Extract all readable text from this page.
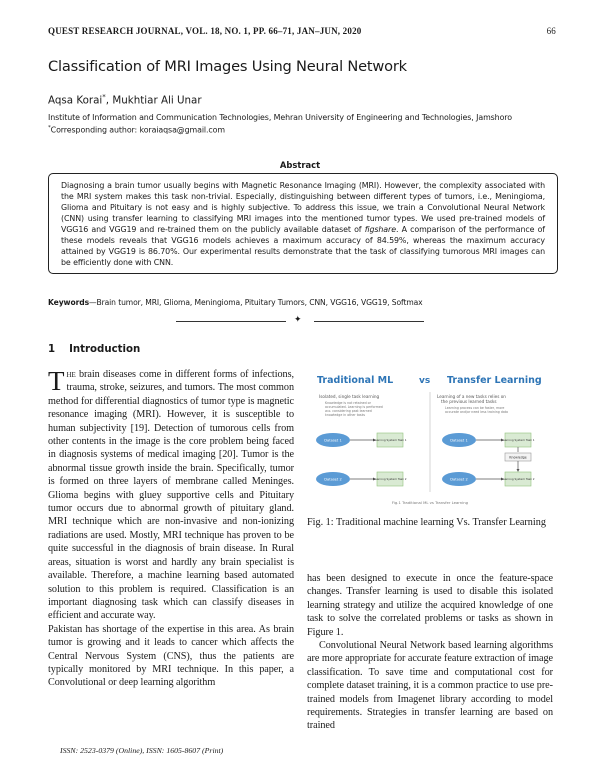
QUEST RESEARCH JOURNAL, VOL. 18, NO. 1, PP. 66–71, JAN–JUN, 2020	66
Classification of MRI Images Using Neural Network
Aqsa Korai*, Mukhtiar Ali Unar
Institute of Information and Communication Technologies, Mehran University of Engineering and Technologies, Jamshoro
*Corresponding author: koraiaqsa@gmail.com
Abstract
Diagnosing a brain tumor usually begins with Magnetic Resonance Imaging (MRI). However, the complexity associated with the MRI system makes this task non-trivial. Especially, distinguishing between different types of tumors, i.e., Meningioma, Glioma and Pituitary is not easy and is highly subjective. To address this issue, we train a Convolutional Neural Network (CNN) using transfer learning to classifying MRI images into the mentioned tumor types. We used pre-trained models of VGG16 and VGG19 and re-trained them on the publicly available dataset of figshare. A comparison of the performance of these models reveals that VGG16 models achieves a maximum accuracy of 84.59%, whereas the maximum accuracy attained by VGG19 is 86.70%. Our experimental results demonstrate that the task of classifying tumorous MRI images can be efficiently done with CNN.
Keywords—Brain tumor, MRI, Glioma, Meningioma, Pituitary Tumors, CNN, VGG16, VGG19, Softmax
✦
1 Introduction

The brain diseases come in different forms of infections, trauma, stroke, seizures, and tumors. The most common method for differential diagnostics of tumor type is magnetic resonance imaging (MRI). However, it is susceptible to human subjectivity [19]. Detection of tumorous cells from other contents in the image is the core problem being faced in diagnosis systems of medical imaging [20]. Tumor is the abnormal tissue growth inside the brain. Specifically, tumor is formed on three layers of membrane called Meninges. Glioma begins with gluey supportive cells and Pituitary tumor occurs due to abnormal growth of pituitary gland. MRI technique which are non-invasive and non-ionizing radiations are used. Mostly, MRI technique has proven to be quite successful in the diagnosis of brain disease. In Rural areas, situation is worst and hardly any brain specialist is available. Therefore, a machine learning based automated solution to this problem is required. Classification is an important diagnosing task which can classify diseases in efficient and accurate way.

Pakistan has shortage of the expertise in this area. As brain tumor is growing and it leads to cancer which affects the Central Nervous System (CNS), thus the patients are typically monitored by MRI technique. In this paper, a Convolutional or deep learning algorithm

Traditional ML	vs Transfer Learning
Isolated, single task learning
Knowledge is not retained or
accumulated. Learning is performed
w.o. considering past learned
knowledge in other tasks
Learning of a new tasks relies on
the previous learned tasks
Learning process can be faster, more
accurate and/or need less training data
Dataset 1	Learning System Task 1
Dataset 2	Learning System Task 2
Dataset 1	Learning System Task 1
Knowledge
Dataset 2	Learning System Task 2
Fig.1 Traditional ML vs Transfer Learning
Fig. 1: Traditional machine learning Vs. Transfer Learning

has been designed to execute in once the feature-space changes. Transfer learning is used to disable this isolated learning strategy and utilize the acquired knowledge of one task to solve the correlated problems or tasks as shown in Figure 1.

Convolutional Neural Network based learning algorithms are more appropriate for accurate feature extraction of image classification. To save time and computational cost for complete dataset training, it is a common practice to use pre-trained models from Imagenet library according to model requirements. Strategies in transfer learning are based on trained

ISSN: 2523-0379 (Online), ISSN: 1605-8607 (Print)
